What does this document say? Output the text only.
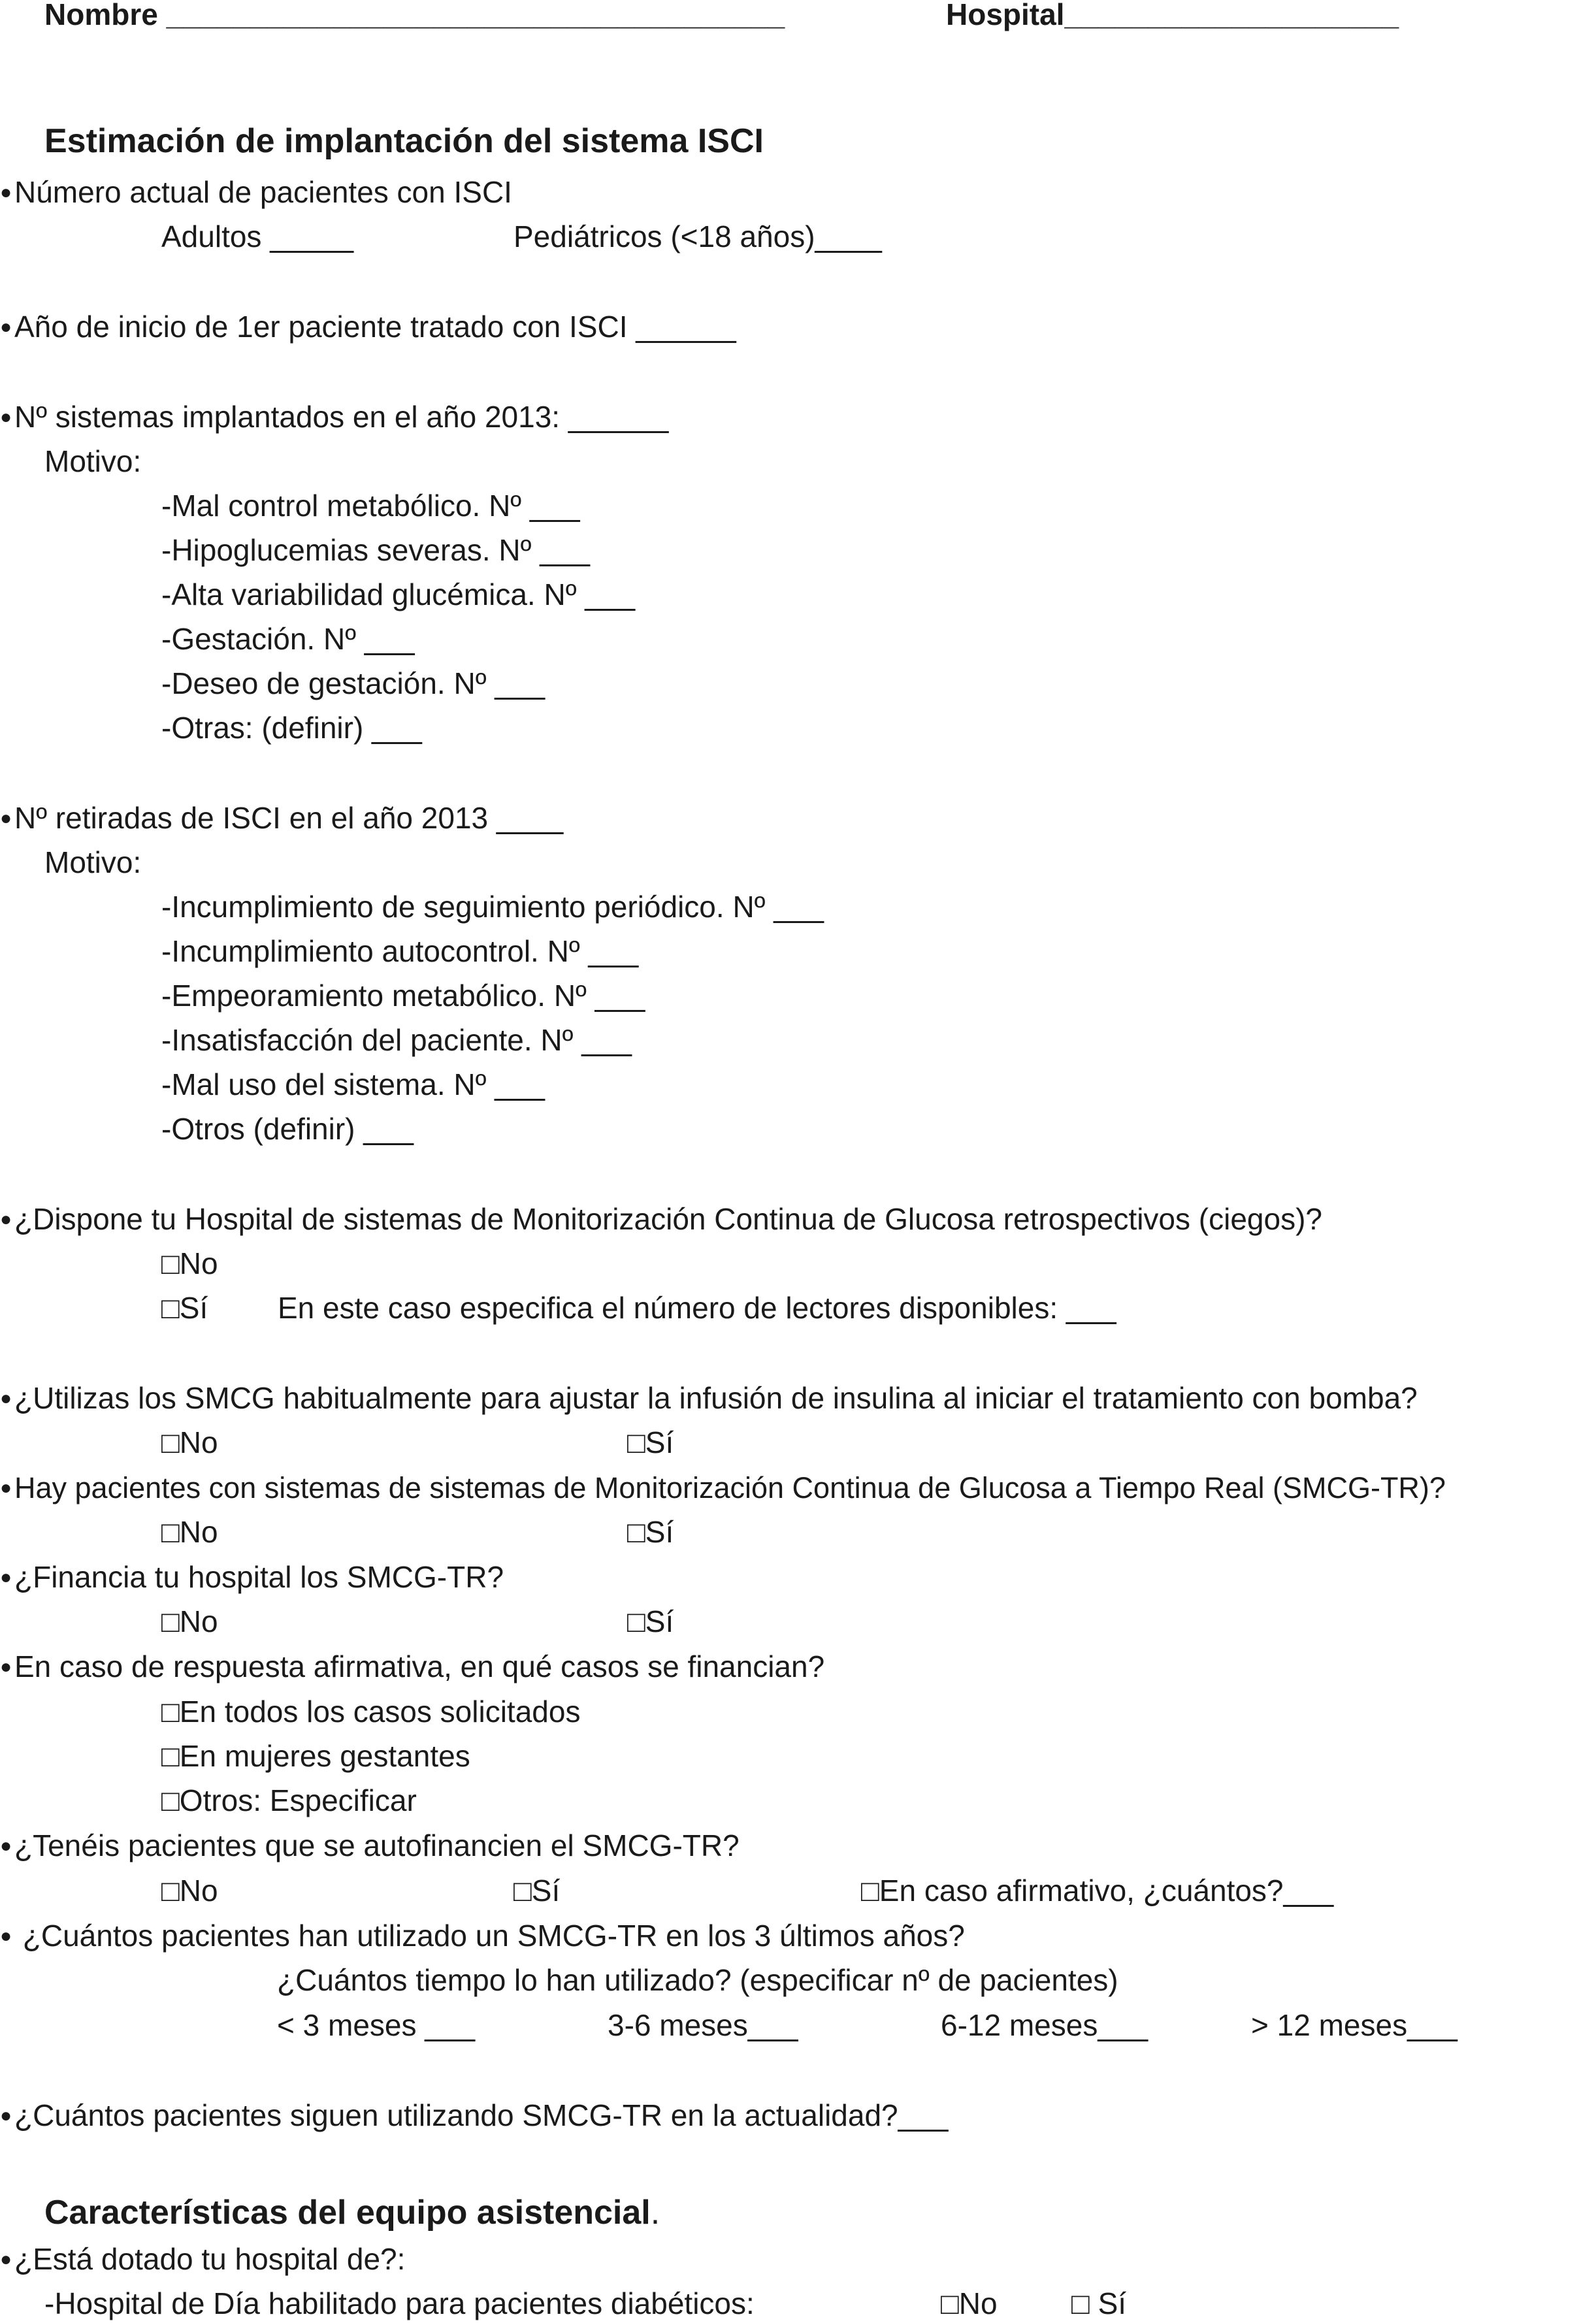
Nombre _____________________________________	Hospital____________________
Estimación de implantación del sistema ISCI
●Número actual de pacientes con ISCI
Adultos _____	Pediátricos (<18 años)____
●Año de inicio de 1er paciente tratado con ISCI ______
●Nº sistemas implantados en el año 2013: ______
Motivo:
-Mal control metabólico. Nº ___
-Hipoglucemias severas. Nº ___
-Alta variabilidad glucémica. Nº ___
-Gestación. Nº ___
-Deseo de gestación. Nº ___
-Otras: (definir) ___
●Nº retiradas de ISCI en el año 2013 ____
Motivo:
-Incumplimiento de seguimiento periódico. Nº ___
-Incumplimiento autocontrol. Nº ___
-Empeoramiento metabólico. Nº ___
-Insatisfacción del paciente. Nº ___
-Mal uso del sistema. Nº ___
-Otros (definir) ___
●¿Dispone tu Hospital de sistemas de Monitorización Continua de Glucosa retrospectivos (ciegos)?
□No
□Sí En este caso especifica el número de lectores disponibles: ___
●¿Utilizas los SMCG habitualmente para ajustar la infusión de insulina al iniciar el tratamiento con bomba?
□No	□Sí
●Hay pacientes con sistemas de sistemas de Monitorización Continua de Glucosa a Tiempo Real (SMCG-TR)?
□No	□Sí
●¿Financia tu hospital los SMCG-TR?
□No	□Sí
●En caso de respuesta afirmativa, en qué casos se financian?
□En todos los casos solicitados
□En mujeres gestantes
□Otros: Especificar
●¿Tenéis pacientes que se autofinancien el SMCG-TR?
□No	□Sí	□En caso afirmativo, ¿cuántos?___
● ¿Cuántos pacientes han utilizado un SMCG-TR en los 3 últimos años?
¿Cuántos tiempo lo han utilizado? (especificar nº de pacientes)
< 3 meses ___	3-6 meses___	6-12 meses___	> 12 meses___
●¿Cuántos pacientes siguen utilizando SMCG-TR en la actualidad?___
Características del equipo asistencial.
●¿Está dotado tu hospital de?:
-Hospital de Día habilitado para pacientes diabéticos:	□No □ Sí
